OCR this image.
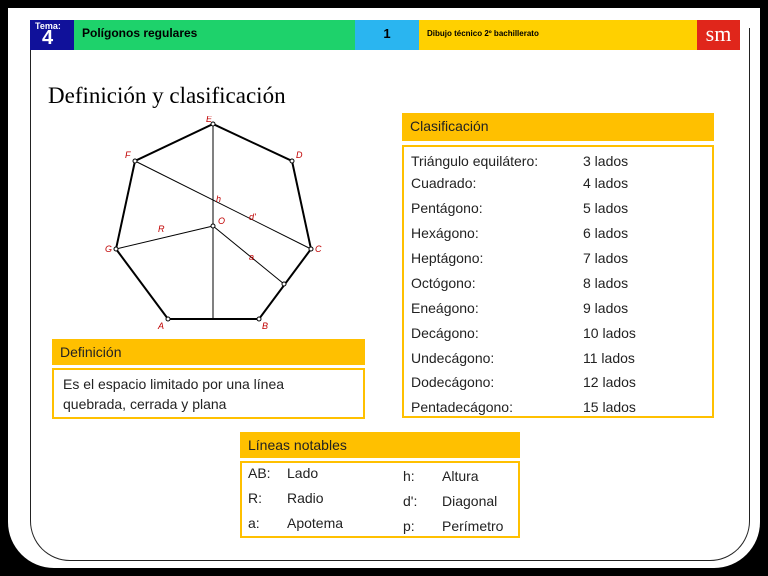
Tema:
4	Polígonos regulares	1	Dibujo técnico 2º bachillerato	sm
Definición y clasificación
A	B
C
D
E
F
G
O
h
d'
R
a
Clasificación
Triángulo equilátero:	3 lados
Cuadrado:	4 lados
Pentágono:	5 lados
Hexágono:	6 lados
Heptágono:	7 lados
Octógono:	8 lados
Eneágono:	9 lados
Decágono:	10 lados
Undecágono:	11 lados
Dodecágono:	12 lados
Pentadecágono:	15 lados
Definición
Es el espacio limitado por una línea
quebrada, cerrada y plana
Líneas notables
AB: Lado
R: Radio
a: Apotema
h: Altura
d': Diagonal
p: Perímetro
